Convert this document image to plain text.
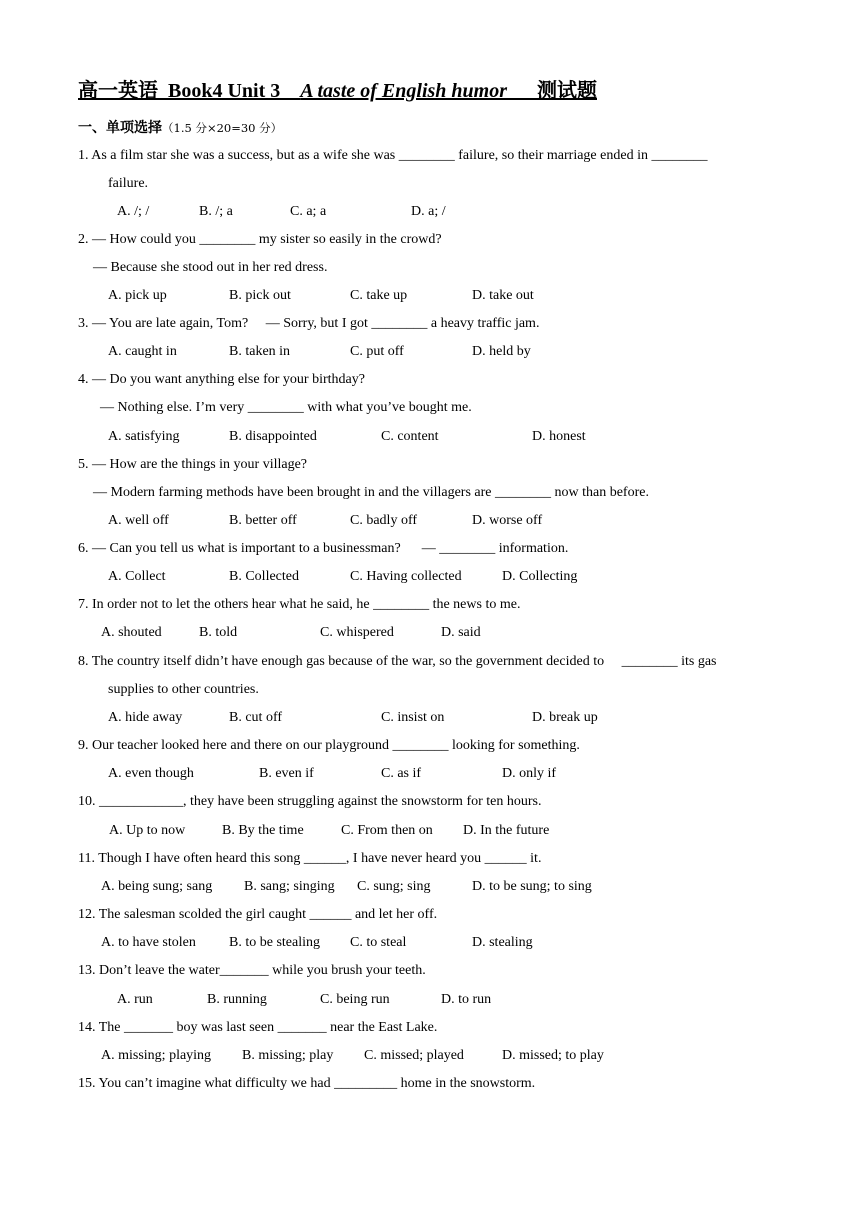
高一英语  Book4 Unit 3    A taste of English humor      测试题
一、单项选择（1.5 分×20=30 分）
1. As a film star she was a success, but as a wife she was ________ failure, so their marriage ended in ________
failure.
A. /; /	B. /; a	C. a; a	D. a; /
2. — How could you ________ my sister so easily in the crowd?
— Because she stood out in her red dress.
A. pick up	B. pick out	C. take up	D. take out
3. — You are late again, Tom?     — Sorry, but I got ________ a heavy traffic jam.
A. caught in	B. taken in	C. put off	D. held by
4. — Do you want anything else for your birthday?
— Nothing else. I’m very ________ with what you’ve bought me.
A. satisfying	B. disappointed	C. content	D. honest
5. — How are the things in your village?
— Modern farming methods have been brought in and the villagers are ________ now than before.
A. well off	B. better off	C. badly off	D. worse off
6. — Can you tell us what is important to a businessman?      — ________ information.
A. Collect	B. Collected	C. Having collected	D. Collecting
7. In order not to let the others hear what he said, he ________ the news to me.
A. shouted	B. told	C. whispered	D. said
8. The country itself didn’t have enough gas because of the war, so the government decided to     ________ its gas
supplies to other countries.
A. hide away	B. cut off	C. insist on	D. break up
9. Our teacher looked here and there on our playground ________ looking for something.
A. even though	B. even if	C. as if	D. only if
10. ____________, they have been struggling against the snowstorm for ten hours.
A. Up to now	B. By the time	C. From then on D. In the future
11. Though I have often heard this song ______, I have never heard you ______ it.
A. being sung; sang B. sang; singing C. sung; sing	D. to be sung; to sing
12. The salesman scolded the girl caught ______ and let her off.
A. to have stolen B. to be stealing C. to steal	D. stealing
13. Don’t leave the water_______ while you brush your teeth.
A. run	B. running	C. being run	D. to run
14. The _______ boy was last seen _______ near the East Lake.
A. missing; playing B. missing; play C. missed; played	D. missed; to play
15. You can’t imagine what difficulty we had _________ home in the snowstorm.
